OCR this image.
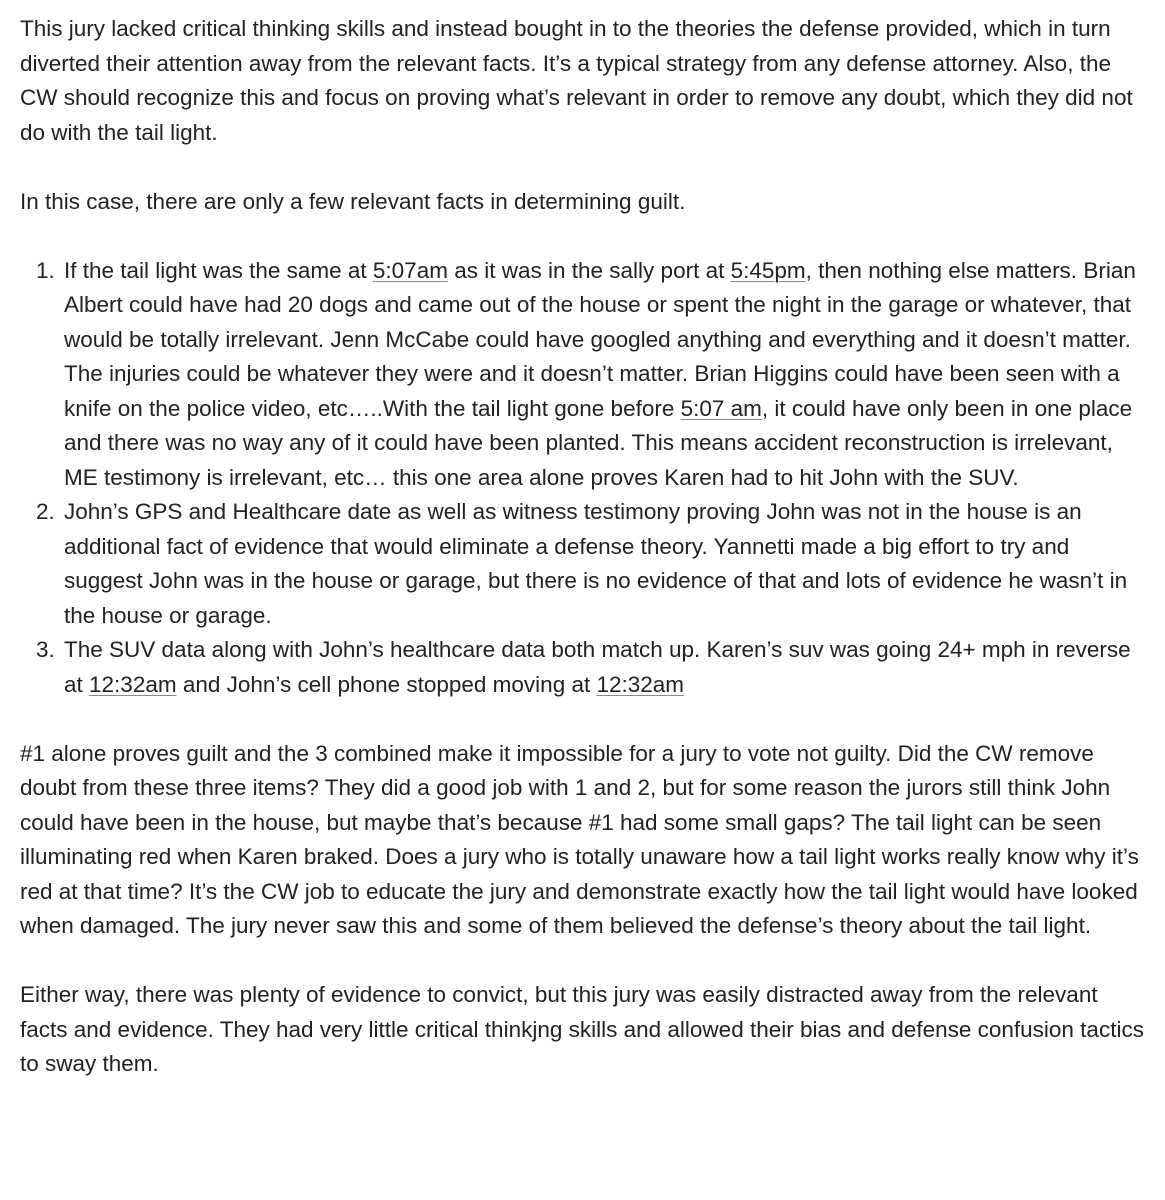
This jury lacked critical thinking skills and instead bought in to the theories the defense provided, which in turn diverted their attention away from the relevant facts. It’s a typical strategy from any defense attorney. Also, the CW should recognize this and focus on proving what’s relevant in order to remove any doubt, which they did not do with the tail light.

In this case, there are only a few relevant facts in determining guilt.

1. If the tail light was the same at 5:07am as it was in the sally port at 5:45pm, then nothing else matters. Brian Albert could have had 20 dogs and came out of the house or spent the night in the garage or whatever, that would be totally irrelevant. Jenn McCabe could have googled anything and everything and it doesn’t matter. The injuries could be whatever they were and it doesn’t matter. Brian Higgins could have been seen with a knife on the police video, etc…..With the tail light gone before 5:07 am, it could have only been in one place and there was no way any of it could have been planted. This means accident reconstruction is irrelevant, ME testimony is irrelevant, etc… this one area alone proves Karen had to hit John with the SUV.
2. John’s GPS and Healthcare date as well as witness testimony proving John was not in the house is an additional fact of evidence that would eliminate a defense theory. Yannetti made a big effort to try and suggest John was in the house or garage, but there is no evidence of that and lots of evidence he wasn’t in the house or garage.
3. The SUV data along with John’s healthcare data both match up. Karen’s suv was going 24+ mph in reverse at 12:32am and John’s cell phone stopped moving at 12:32am

#1 alone proves guilt and the 3 combined make it impossible for a jury to vote not guilty. Did the CW remove doubt from these three items? They did a good job with 1 and 2, but for some reason the jurors still think John could have been in the house, but maybe that’s because #1 had some small gaps? The tail light can be seen illuminating red when Karen braked. Does a jury who is totally unaware how a tail light works really know why it’s red at that time? It’s the CW job to educate the jury and demonstrate exactly how the tail light would have looked when damaged. The jury never saw this and some of them believed the defense’s theory about the tail light.

Either way, there was plenty of evidence to convict, but this jury was easily distracted away from the relevant facts and evidence. They had very little critical thinkjng skills and allowed their bias and defense confusion tactics to sway them.
